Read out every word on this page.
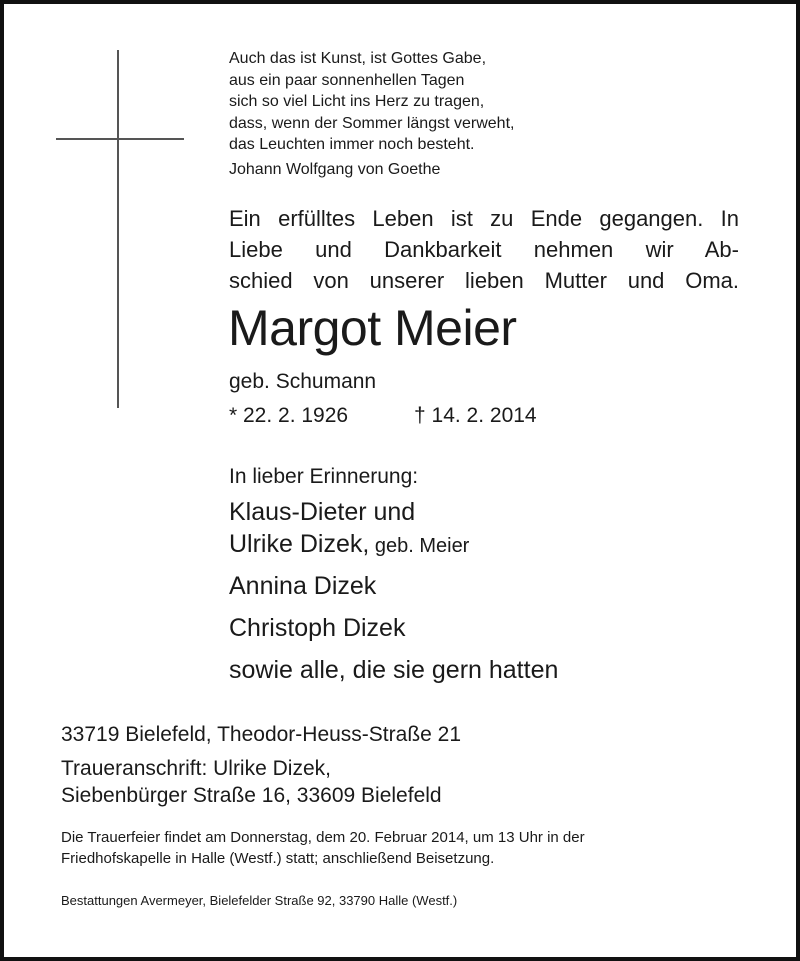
Auch das ist Kunst, ist Gottes Gabe,
aus ein paar sonnenhellen Tagen
sich so viel Licht ins Herz zu tragen,
dass, wenn der Sommer längst verweht,
das Leuchten immer noch besteht.

Johann Wolfgang von Goethe
Ein erfülltes Leben ist zu Ende gegangen. In
Liebe und Dankbarkeit nehmen wir Ab-
schied von unserer lieben Mutter und Oma.
Margot Meier
geb. Schumann
* 22. 2. 1926	† 14. 2. 2014
In lieber Erinnerung:
Klaus-Dieter und
Ulrike Dizek, geb. Meier
Annina Dizek
Christoph Dizek
sowie alle, die sie gern hatten
33719 Bielefeld, Theodor-Heuss-Straße 21
Traueranschrift: Ulrike Dizek,
Siebenbürger Straße 16, 33609 Bielefeld
Die Trauerfeier findet am Donnerstag, dem 20. Februar 2014, um 13 Uhr in der
Friedhofskapelle in Halle (Westf.) statt; anschließend Beisetzung.
Bestattungen Avermeyer, Bielefelder Straße 92, 33790 Halle (Westf.)
